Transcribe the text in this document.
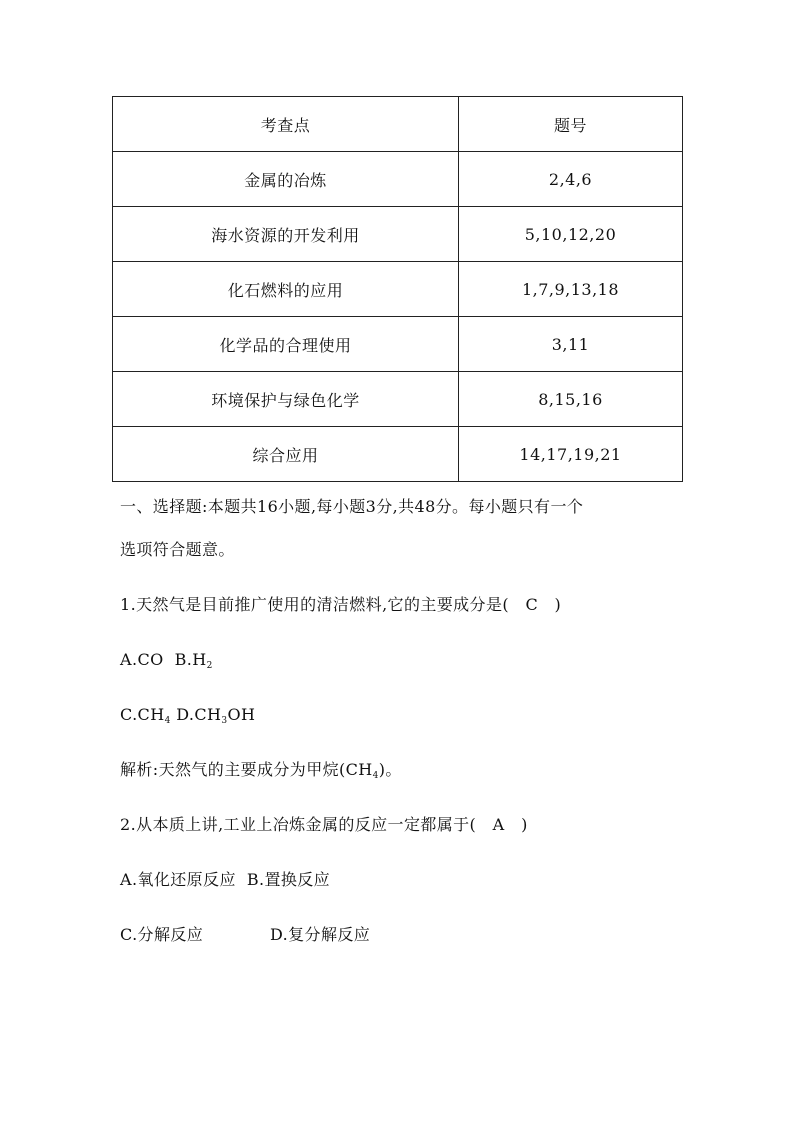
考查点	题号
金属的冶炼	2,4,6
海水资源的开发利用	5,10,12,20
化石燃料的应用	1,7,9,13,18
化学品的合理使用	3,11
环境保护与绿色化学	8,15,16
综合应用	14,17,19,21
一、选择题:本题共16小题,每小题3分,共48分。每小题只有一个
选项符合题意。
1.天然气是目前推广使用的清洁燃料,它的主要成分是(   C   )
A.CO $B.H_2$
$C.CH_4$ $D.CH_3OH$
解析:天然气的主要成分为甲烷$(CH_4)$。
2.从本质上讲,工业上冶炼金属的反应一定都属于(   A   )
A.氧化还原反应 B.置换反应
C.分解反应	D.复分解反应
